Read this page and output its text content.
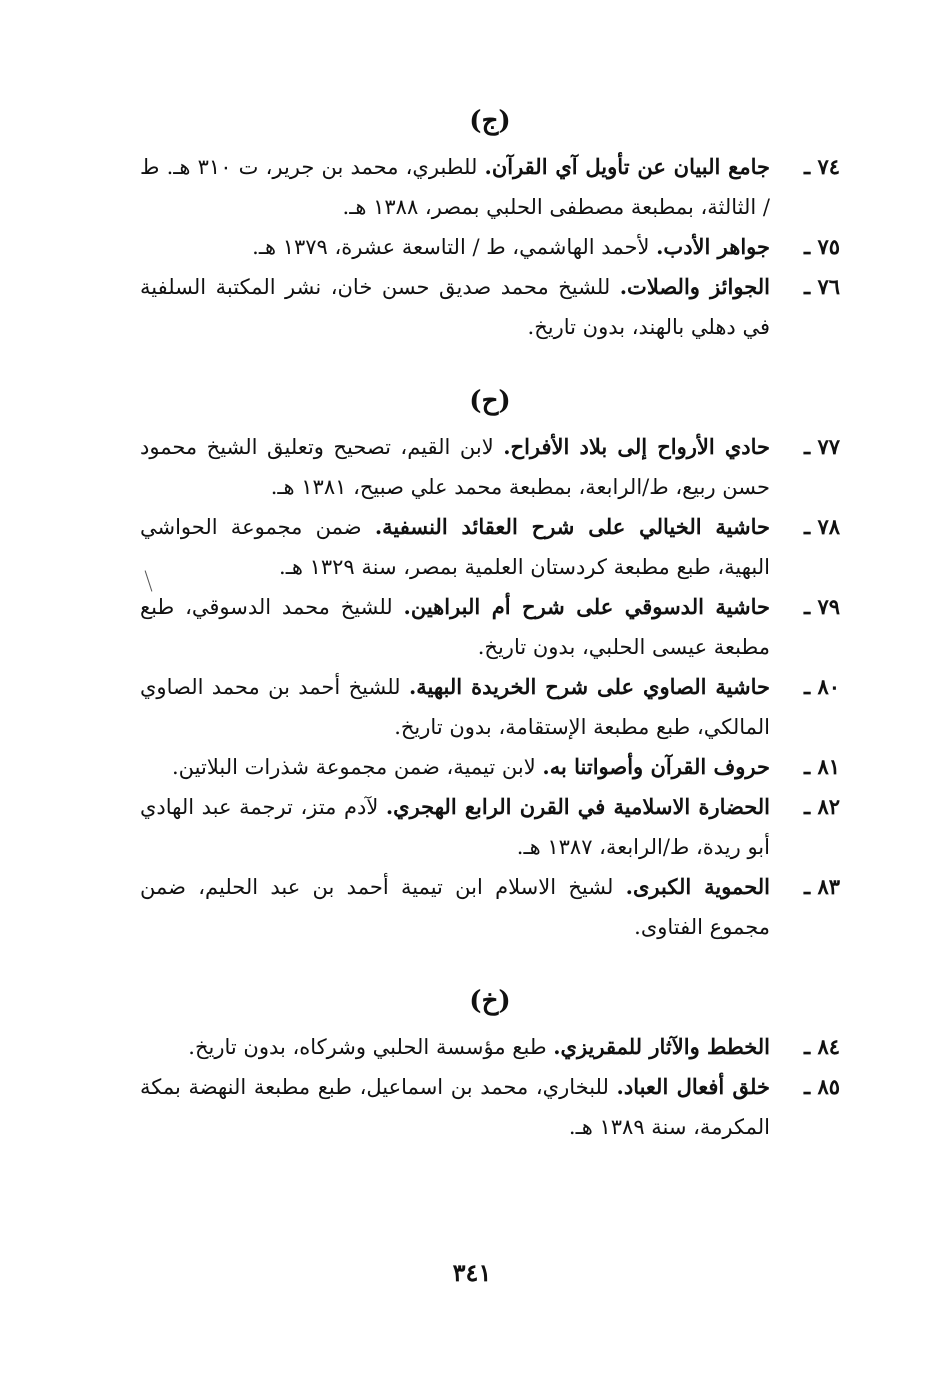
(ج)
٧٤ ـ
جامع البيان عن تأويل آي القرآن. للطبري، محمد بن جرير، ت ٣١٠ هـ. ط / الثالثة، بمطبعة مصطفى الحلبي بمصر، ١٣٨٨ هـ.
٧٥ ـ
جواهر الأدب. لأحمد الهاشمي، ط / التاسعة عشرة، ١٣٧٩ هـ.
٧٦ ـ
الجوائز والصلات. للشيخ محمد صديق حسن خان، نشر المكتبة السلفية في دهلي بالهند، بدون تاريخ.
(ح)
٧٧ ـ
حادي الأرواح إلى بلاد الأفراح. لابن القيم، تصحيح وتعليق الشيخ محمود حسن ربيع، ط/الرابعة، بمطبعة محمد علي صبيح، ١٣٨١ هـ.
٧٨ ـ
حاشية الخيالي على شرح العقائد النسفية. ضمن مجموعة الحواشي البهية، طبع مطبعة كردستان العلمية بمصر، سنة ١٣٢٩ هـ.
٧٩ ـ
حاشية الدسوقي على شرح أم البراهين. للشيخ محمد الدسوقي، طبع مطبعة عيسى الحلبي، بدون تاريخ.
٨٠ ـ
حاشية الصاوي على شرح الخريدة البهية. للشيخ أحمد بن محمد الصاوي المالكي، طبع مطبعة الإستقامة، بدون تاريخ.
٨١ ـ
حروف القرآن وأصواتنا به. لابن تيمية، ضمن مجموعة شذرات البلاتين.
٨٢ ـ
الحضارة الاسلامية في القرن الرابع الهجري. لآدم متز، ترجمة عبد الهادي أبو ريدة، ط/الرابعة، ١٣٨٧ هـ.
٨٣ ـ
الحموية الكبرى. لشيخ الاسلام ابن تيمية أحمد بن عبد الحليم، ضمن مجموع الفتاوى.
(خ)
٨٤ ـ
الخطط والآثار للمقريزي. طبع مؤسسة الحلبي وشركاه، بدون تاريخ.
٨٥ ـ
خلق أفعال العباد. للبخاري، محمد بن اسماعيل، طبع مطبعة النهضة بمكة المكرمة، سنة ١٣٨٩ هـ.
٣٤١
